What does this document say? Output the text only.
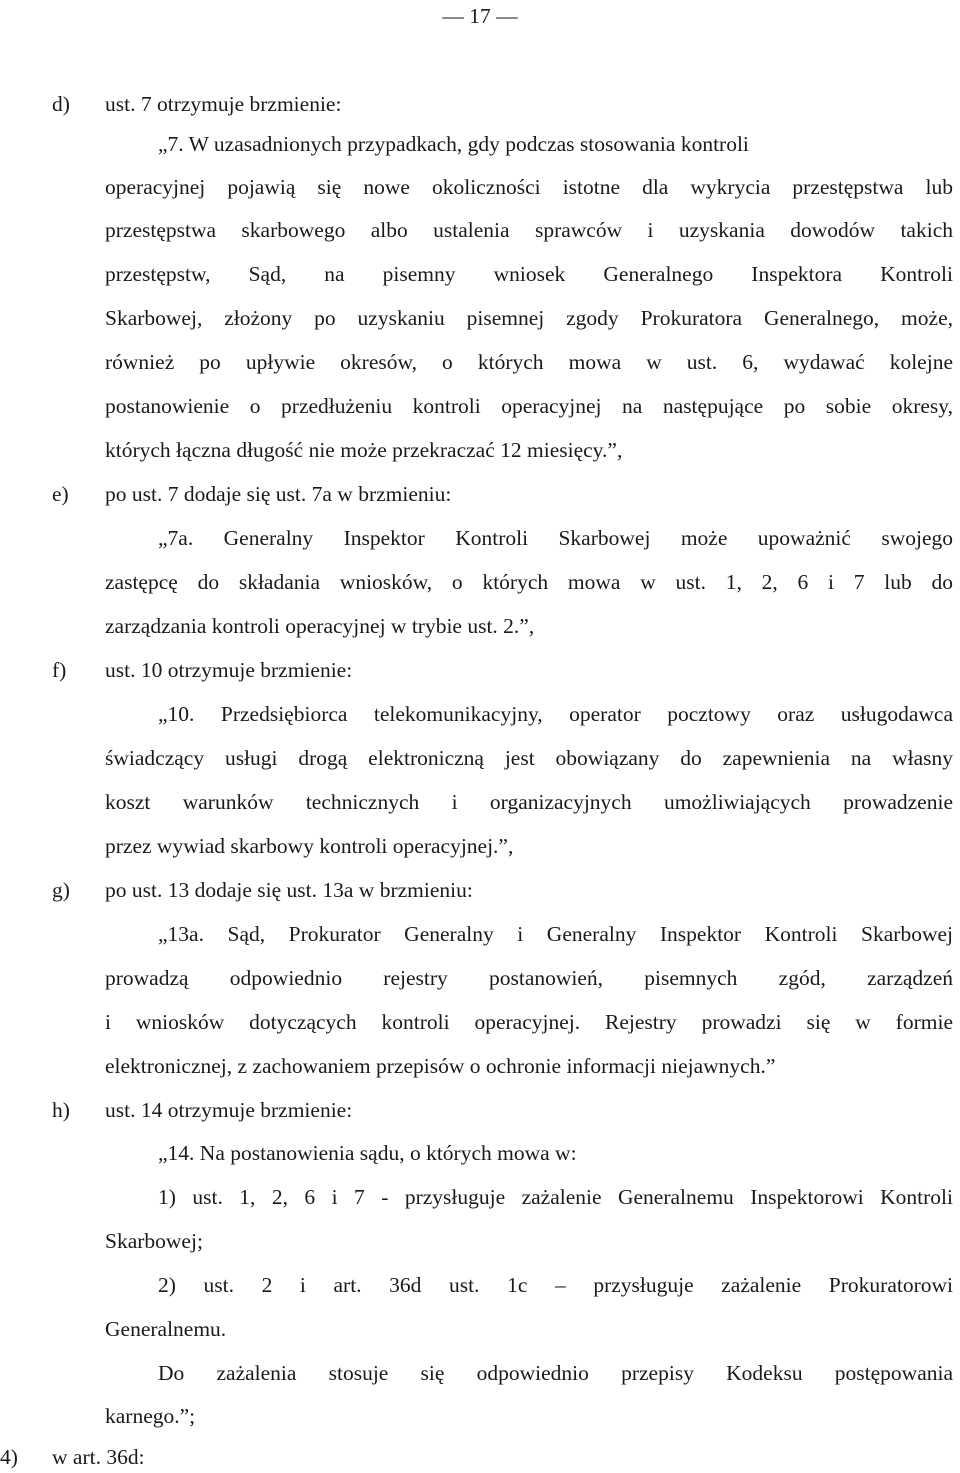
— 17 —
d) ust. 7 otrzymuje brzmienie:
„7. W uzasadnionych przypadkach, gdy podczas stosowania kontroli
operacyjnej pojawią się nowe okoliczności istotne dla wykrycia przestępstwa lub
przestępstwa skarbowego albo ustalenia sprawców i uzyskania dowodów takich
przestępstw, Sąd, na pisemny wniosek Generalnego Inspektora Kontroli
Skarbowej, złożony po uzyskaniu pisemnej zgody Prokuratora Generalnego, może,
również po upływie okresów, o których mowa w ust. 6, wydawać kolejne
postanowienie o przedłużeniu kontroli operacyjnej na następujące po sobie okresy,
których łączna długość nie może przekraczać 12 miesięcy.”,
e) po ust. 7 dodaje się ust. 7a w brzmieniu:
„7a. Generalny Inspektor Kontroli Skarbowej może upoważnić swojego
zastępcę do składania wniosków, o których mowa w ust. 1, 2, 6 i 7 lub do
zarządzania kontroli operacyjnej w trybie ust. 2.”,
f) ust. 10 otrzymuje brzmienie:
„10. Przedsiębiorca telekomunikacyjny, operator pocztowy oraz usługodawca
świadczący usługi drogą elektroniczną jest obowiązany do zapewnienia na własny
koszt warunków technicznych i organizacyjnych umożliwiających prowadzenie
przez wywiad skarbowy kontroli operacyjnej.”,
g) po ust. 13 dodaje się ust. 13a w brzmieniu:
„13a. Sąd, Prokurator Generalny i Generalny Inspektor Kontroli Skarbowej
prowadzą odpowiednio rejestry postanowień, pisemnych zgód, zarządzeń
i wniosków dotyczących kontroli operacyjnej. Rejestry prowadzi się w formie
elektronicznej, z zachowaniem przepisów o ochronie informacji niejawnych.”
h) ust. 14 otrzymuje brzmienie:
„14. Na postanowienia sądu, o których mowa w:
1) ust. 1, 2, 6 i 7 - przysługuje zażalenie Generalnemu Inspektorowi Kontroli
Skarbowej;
2) ust. 2 i art. 36d ust. 1c – przysługuje zażalenie Prokuratorowi
Generalnemu.
Do zażalenia stosuje się odpowiednio przepisy Kodeksu postępowania
karnego.”;
4) w art. 36d:
